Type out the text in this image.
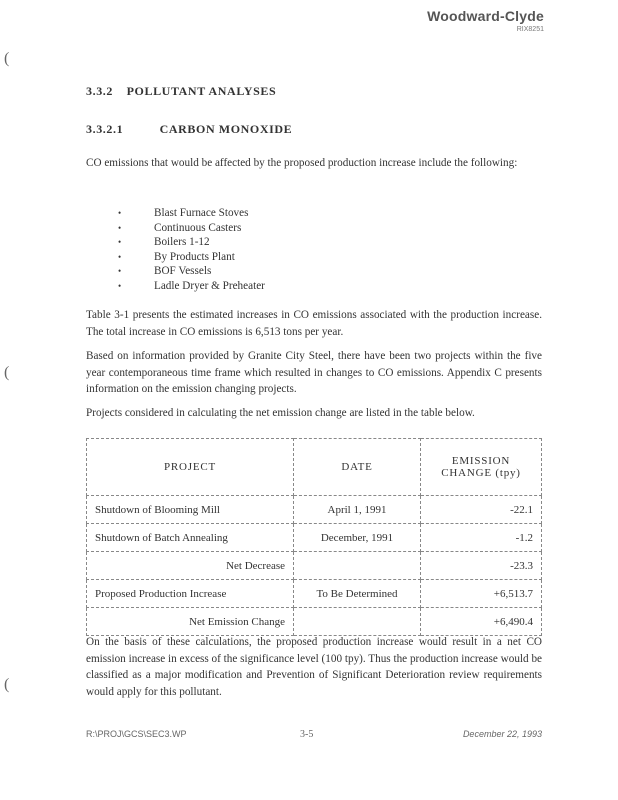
Woodward-Clyde
RIX8251
(
(
(
3.3.2 POLLUTANT ANALYSES
3.3.2.1	CARBON MONOXIDE
CO emissions that would be affected by the proposed production increase include the following:
•	Blast Furnace Stoves
•	Continuous Casters
•	Boilers 1-12
•	By Products Plant
•	BOF Vessels
•	Ladle Dryer & Preheater
Table 3-1 presents the estimated increases in CO emissions associated with the production increase. The total increase in CO emissions is 6,513 tons per year.
Based on information provided by Granite City Steel, there have been two projects within the five year contemporaneous time frame which resulted in changes to CO emissions. Appendix C presents information on the emission changing projects.
Projects considered in calculating the net emission change are listed in the table below.
PROJECT	DATE	EMISSION CHANGE (tpy)
Shutdown of Blooming Mill	April 1, 1991	-22.1
Shutdown of Batch Annealing	December, 1991	-1.2
Net Decrease		-23.3
Proposed Production Increase	To Be Determined	+6,513.7
Net Emission Change		+6,490.4
On the basis of these calculations, the proposed production increase would result in a net CO emission increase in excess of the significance level (100 tpy). Thus the production increase would be classified as a major modification and Prevention of Significant Deterioration review requirements would apply for this pollutant.
R:\PROJ\GCS\SEC3.WP	3-5	December 22, 1993
